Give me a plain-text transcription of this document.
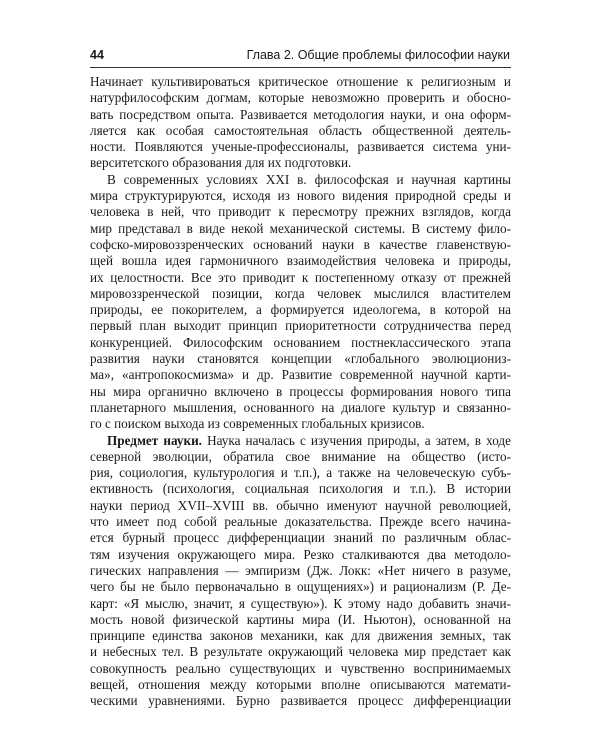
44	Глава 2. Общие проблемы философии науки
Начинает культивироваться критическое отношение к религиозным и
натурфилософским догмам, которые невозможно проверить и обосно-
вать посредством опыта. Развивается методология науки, и она оформ-
ляется как особая самостоятельная область общественной деятель-
ности. Появляются ученые-профессионалы, развивается система уни-
верситетского образования для их подготовки.
В современных условиях XXI в. философская и научная картины
мира структурируются, исходя из нового видения природной среды и
человека в ней, что приводит к пересмотру прежних взглядов, когда
мир представал в виде некой механической системы. В систему фило-
софско-мировоззренческих оснований науки в качестве главенствую-
щей вошла идея гармоничного взаимодействия человека и природы,
их целостности. Все это приводит к постепенному отказу от прежней
мировоззренческой позиции, когда человек мыслился властителем
природы, ее покорителем, а формируется идеологема, в которой на
первый план выходит принцип приоритетности сотрудничества перед
конкуренцией. Философским основанием постнеклассического этапа
развития науки становятся концепции «глобального эволюциониз-
ма», «антропокосмизма» и др. Развитие современной научной карти-
ны мира органично включено в процессы формирования нового типа
планетарного мышления, основанного на диалоге культур и связанно-
го с поиском выхода из современных глобальных кризисов.
Предмет науки. Наука началась с изучения природы, а затем, в ходе
северной эволюции, обратила свое внимание на общество (исто-
рия, социология, культурология и т.п.), а также на человеческую субъ-
ективность (психология, социальная психология и т.п.). В истории
науки период XVII–XVIII вв. обычно именуют научной революцией,
что имеет под собой реальные доказательства. Прежде всего начина-
ется бурный процесс дифференциации знаний по различным облас-
тям изучения окружающего мира. Резко сталкиваются два методоло-
гических направления — эмпиризм (Дж. Локк: «Нет ничего в разуме,
чего бы не было первоначально в ощущениях») и рационализм (Р. Де-
карт: «Я мыслю, значит, я существую»). К этому надо добавить значи-
мость новой физической картины мира (И. Ньютон), основанной на
принципе единства законов механики, как для движения земных, так
и небесных тел. В результате окружающий человека мир предстает как
совокупность реально существующих и чувственно воспринимаемых
вещей, отношения между которыми вполне описываются математи-
ческими уравнениями. Бурно развивается процесс дифференциации
